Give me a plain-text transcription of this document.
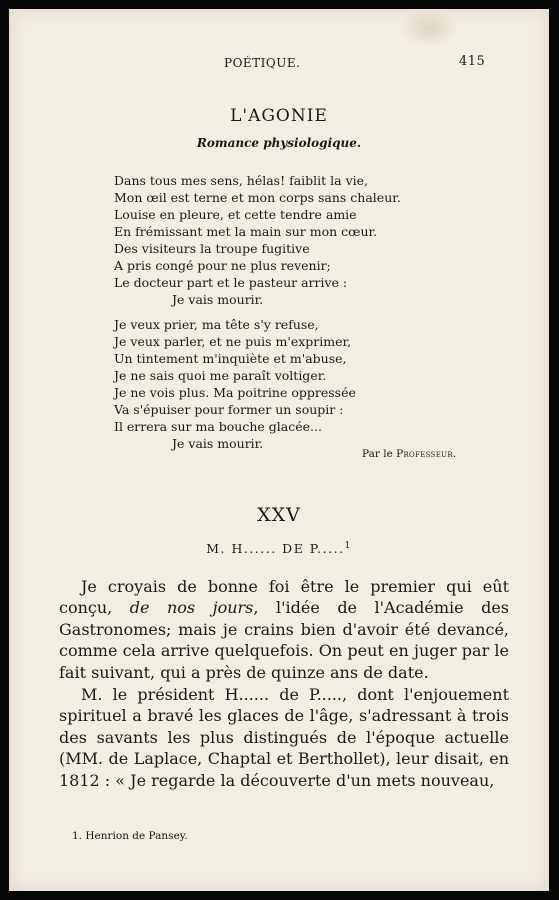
POÉTIQUE.	415
L'AGONIE
Romance physiologique.
Dans tous mes sens, hélas! faiblit la vie,
Mon œil est terne et mon corps sans chaleur.
Louise en pleure, et cette tendre amie
En frémissant met la main sur mon cœur.
Des visiteurs la troupe fugitive
A pris congé pour ne plus revenir;
Le docteur part et le pasteur arrive :
Je vais mourir.
Je veux prier, ma tête s'y refuse,
Je veux parler, et ne puis m'exprimer,
Un tintement m'inquiète et m'abuse,
Je ne sais quoi me paraît voltiger.
Je ne vois plus. Ma poitrine oppressée
Va s'épuiser pour former un soupir :
Il errera sur ma bouche glacée...
Je vais mourir.
Par le Professeur.
XXV
M. H...... DE P.....$^1$
Je croyais de bonne foi être le premier qui eût conçu, de nos jours, l'idée de l'Académie des Gastronomes; mais je crains bien d'avoir été devancé, comme cela arrive quelquefois. On peut en juger par le fait suivant, qui a près de quinze ans de date.
M. le président H...... de P....., dont l'enjouement spirituel a bravé les glaces de l'âge, s'adressant à trois des savants les plus distingués de l'époque actuelle (MM. de Laplace, Chaptal et Berthollet), leur disait, en 1812 : « Je regarde la découverte d'un mets nouveau,
1. Henrion de Pansey.
